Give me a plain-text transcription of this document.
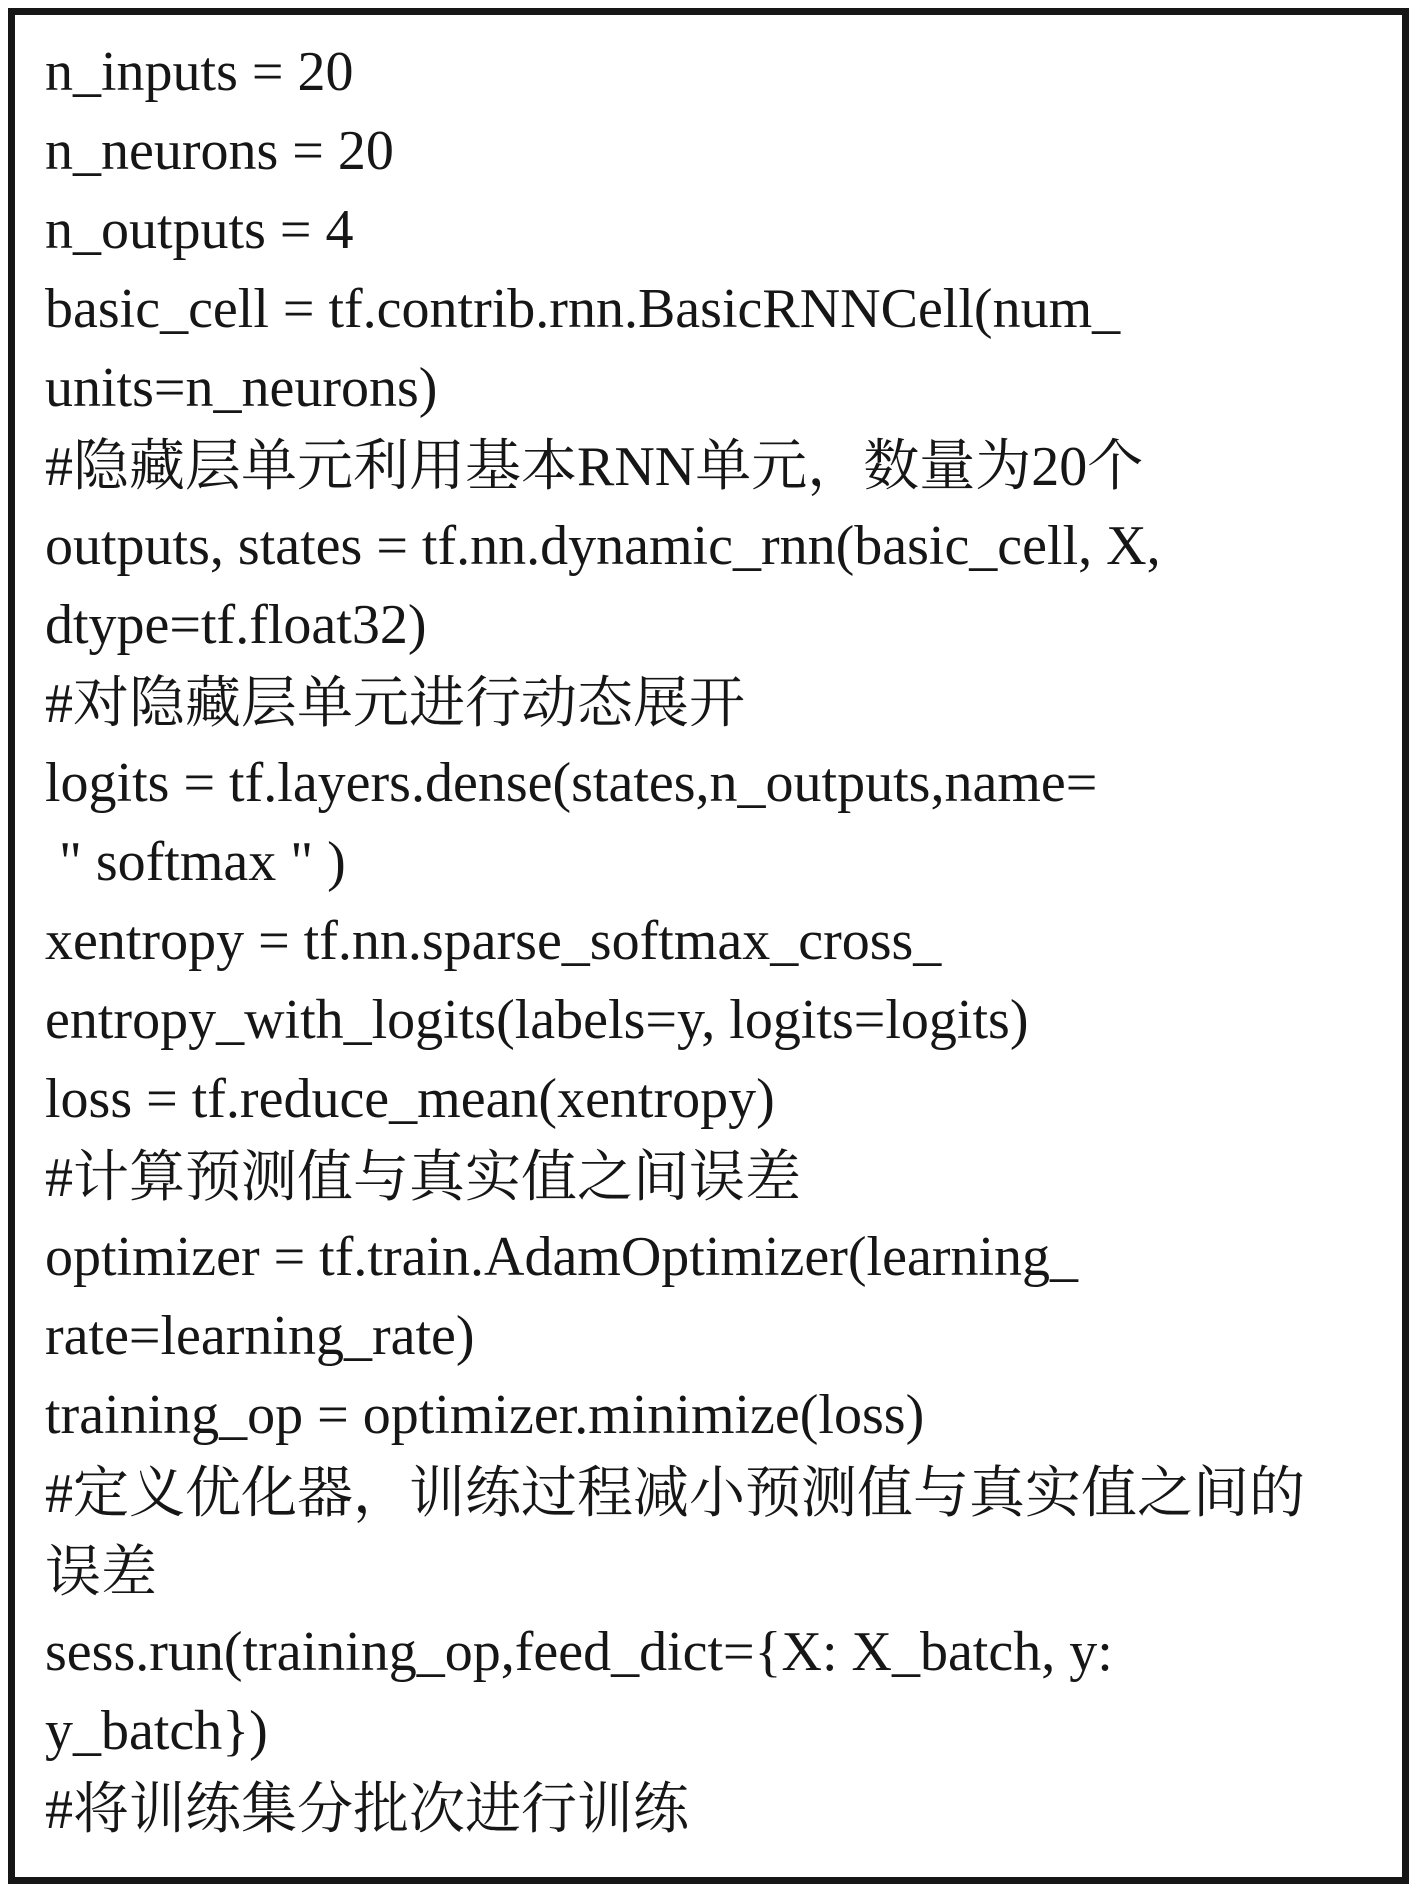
n_inputs = 20
n_neurons = 20
n_outputs = 4
basic_cell = tf.contrib.rnn.BasicRNNCell(num_
units=n_neurons)
#隐藏层单元利用基本RNN单元，数量为20个
outputs, states = tf.nn.dynamic_rnn(basic_cell, X,
dtype=tf.float32)
#对隐藏层单元进行动态展开
logits = tf.layers.dense(states,n_outputs,name=
" softmax " )
xentropy = tf.nn.sparse_softmax_cross_
entropy_with_logits(labels=y, logits=logits)
loss = tf.reduce_mean(xentropy)
#计算预测值与真实值之间误差
optimizer = tf.train.AdamOptimizer(learning_
rate=learning_rate)
training_op = optimizer.minimize(loss)
#定义优化器，训练过程减小预测值与真实值之间的
误差
sess.run(training_op,feed_dict={X: X_batch, y:
y_batch})
#将训练集分批次进行训练
